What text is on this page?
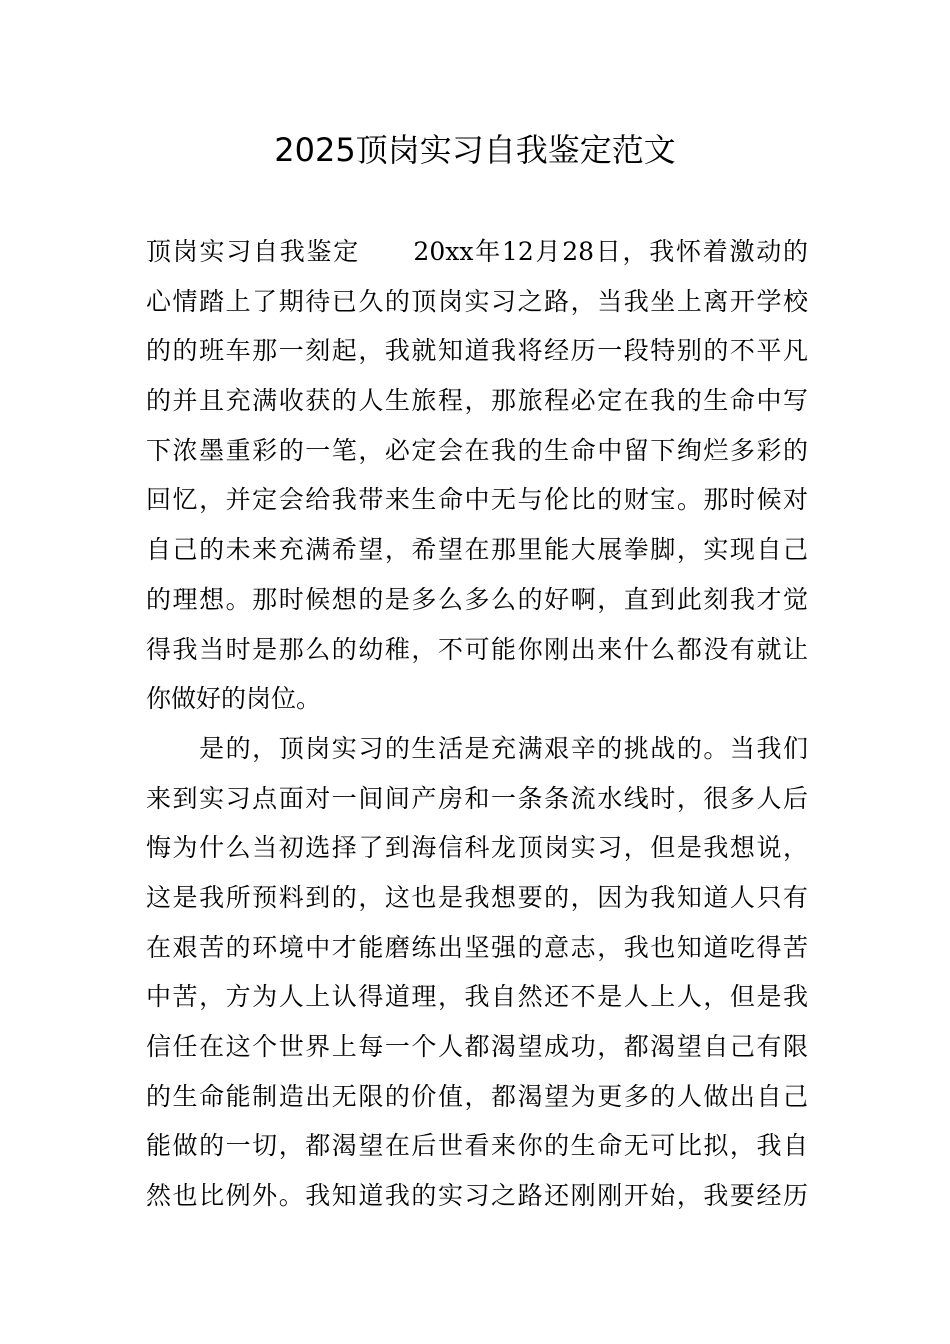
2025顶岗实习自我鉴定范文
顶岗实习自我鉴定　　20xx年12月28日，我怀着激动的
心情踏上了期待已久的顶岗实习之路，当我坐上离开学校
的的班车那一刻起，我就知道我将经历一段特别的不平凡
的并且充满收获的人生旅程，那旅程必定在我的生命中写
下浓墨重彩的一笔，必定会在我的生命中留下绚烂多彩的
回忆，并定会给我带来生命中无与伦比的财宝。那时候对
自己的未来充满希望，希望在那里能大展拳脚，实现自己
的理想。那时候想的是多么多么的好啊，直到此刻我才觉
得我当时是那么的幼稚，不可能你刚出来什么都没有就让
你做好的岗位。
　　是的，顶岗实习的生活是充满艰辛的挑战的。当我们
来到实习点面对一间间产房和一条条流水线时，很多人后
悔为什么当初选择了到海信科龙顶岗实习，但是我想说，
这是我所预料到的，这也是我想要的，因为我知道人只有
在艰苦的环境中才能磨练出坚强的意志，我也知道吃得苦
中苦，方为人上认得道理，我自然还不是人上人，但是我
信任在这个世界上每一个人都渴望成功，都渴望自己有限
的生命能制造出无限的价值，都渴望为更多的人做出自己
能做的一切，都渴望在后世看来你的生命无可比拟，我自
然也比例外。我知道我的实习之路还刚刚开始，我要经历
